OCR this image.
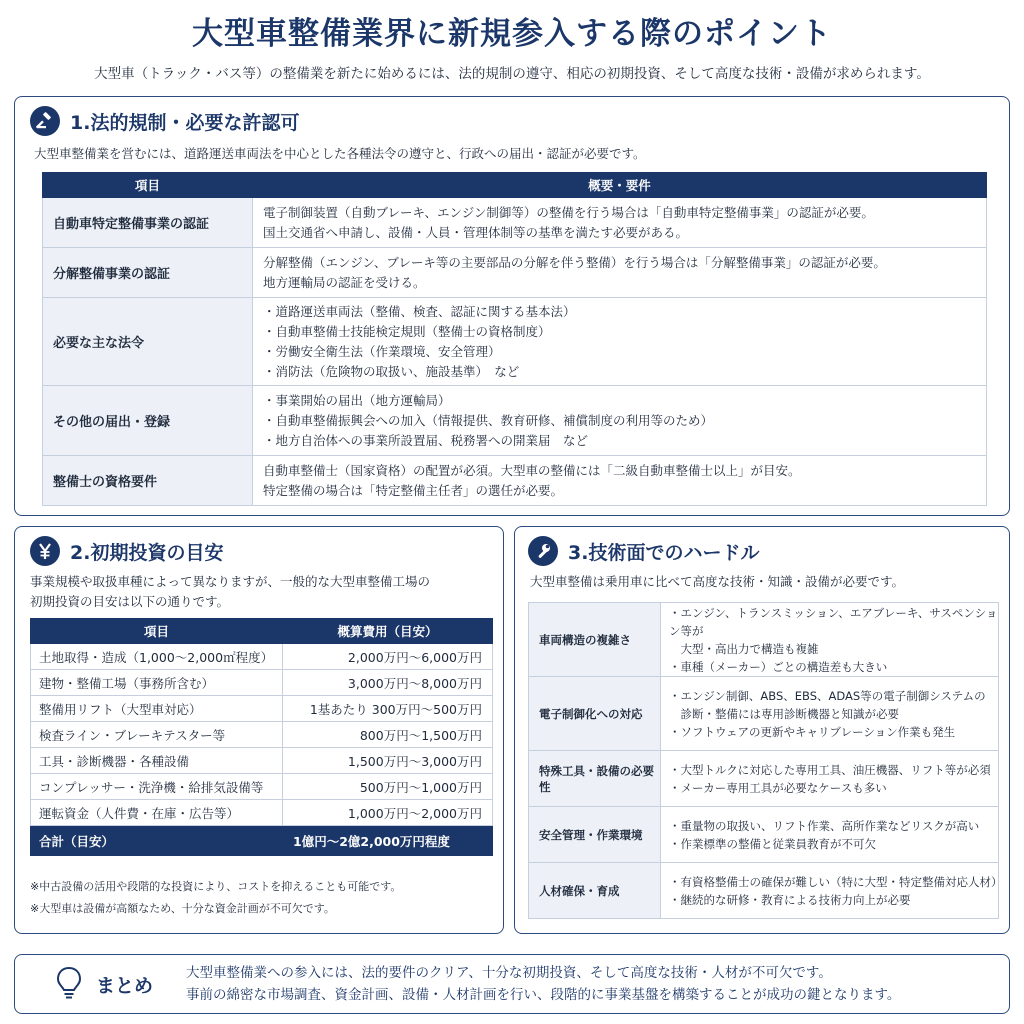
大型車整備業界に新規参入する際のポイント
大型車（トラック・バス等）の整備業を新たに始めるには、法的規制の遵守、相応の初期投資、そして高度な技術・設備が求められます。
1.法的規制・必要な許認可
大型車整備業を営むには、道路運送車両法を中心とした各種法令の遵守と、行政への届出・認証が必要です。
項目	概要・要件
自動車特定整備事業の認証	電子制御装置（自動ブレーキ、エンジン制御等）の整備を行う場合は「自動車特定整備事業」の認証が必要。
国土交通省へ申請し、設備・人員・管理体制等の基準を満たす必要がある。

分解整備事業の認証	分解整備（エンジン、ブレーキ等の主要部品の分解を伴う整備）を行う場合は「分解整備事業」の認証が必要。
地方運輸局の認証を受ける。

必要な主な法令	・道路運送車両法（整備、検査、認証に関する基本法）
・自動車整備士技能検定規則（整備士の資格制度）
・労働安全衛生法（作業環境、安全管理）
・消防法（危険物の取扱い、施設基準）　など

その他の届出・登録	・事業開始の届出（地方運輸局）
・自動車整備振興会への加入（情報提供、教育研修、補償制度の利用等のため）
・地方自治体への事業所設置届、税務署への開業届　など

整備士の資格要件	自動車整備士（国家資格）の配置が必須。大型車の整備には「二級自動車整備士以上」が目安。
特定整備の場合は「特定整備主任者」の選任が必要。
2.初期投資の目安
事業規模や取扱車種によって異なりますが、一般的な大型車整備工場の
初期投資の目安は以下の通りです。
項目	概算費用（目安）
土地取得・造成（1,000～2,000㎡程度）	2,000万円～6,000万円
建物・整備工場（事務所含む）	3,000万円～8,000万円
整備用リフト（大型車対応）	1基あたり 300万円～500万円
検査ライン・ブレーキテスター等	800万円～1,500万円
工具・診断機器・各種設備	1,500万円～3,000万円
コンプレッサー・洗浄機・給排気設備等	500万円～1,000万円
運転資金（人件費・在庫・広告等）	1,000万円～2,000万円
合計（目安）	1億円～2億2,000万円程度
※中古設備の活用や段階的な投資により、コストを抑えることも可能です。
※大型車は設備が高額なため、十分な資金計画が不可欠です。
3.技術面でのハードル
大型車整備は乗用車に比べて高度な技術・知識・設備が必要です。
車両構造の複雑さ	・エンジン、トランスミッション、エアブレーキ、サスペンション等が
　大型・高出力で構造も複雑
・車種（メーカー）ごとの構造差も大きい

電子制御化への対応	・エンジン制御、ABS、EBS、ADAS等の電子制御システムの
　診断・整備には専用診断機器と知識が必要
・ソフトウェアの更新やキャリブレーション作業も発生

特殊工具・設備の必要性	・大型トルクに対応した専用工具、油圧機器、リフト等が必須
・メーカー専用工具が必要なケースも多い

安全管理・作業環境	・重量物の取扱い、リフト作業、高所作業などリスクが高い
・作業標準の整備と従業員教育が不可欠

人材確保・育成	・有資格整備士の確保が難しい（特に大型・特定整備対応人材）
・継続的な研修・教育による技術力向上が必要
まとめ
大型車整備業への参入には、法的要件のクリア、十分な初期投資、そして高度な技術・人材が不可欠です。
事前の綿密な市場調査、資金計画、設備・人材計画を行い、段階的に事業基盤を構築することが成功の鍵となります。
